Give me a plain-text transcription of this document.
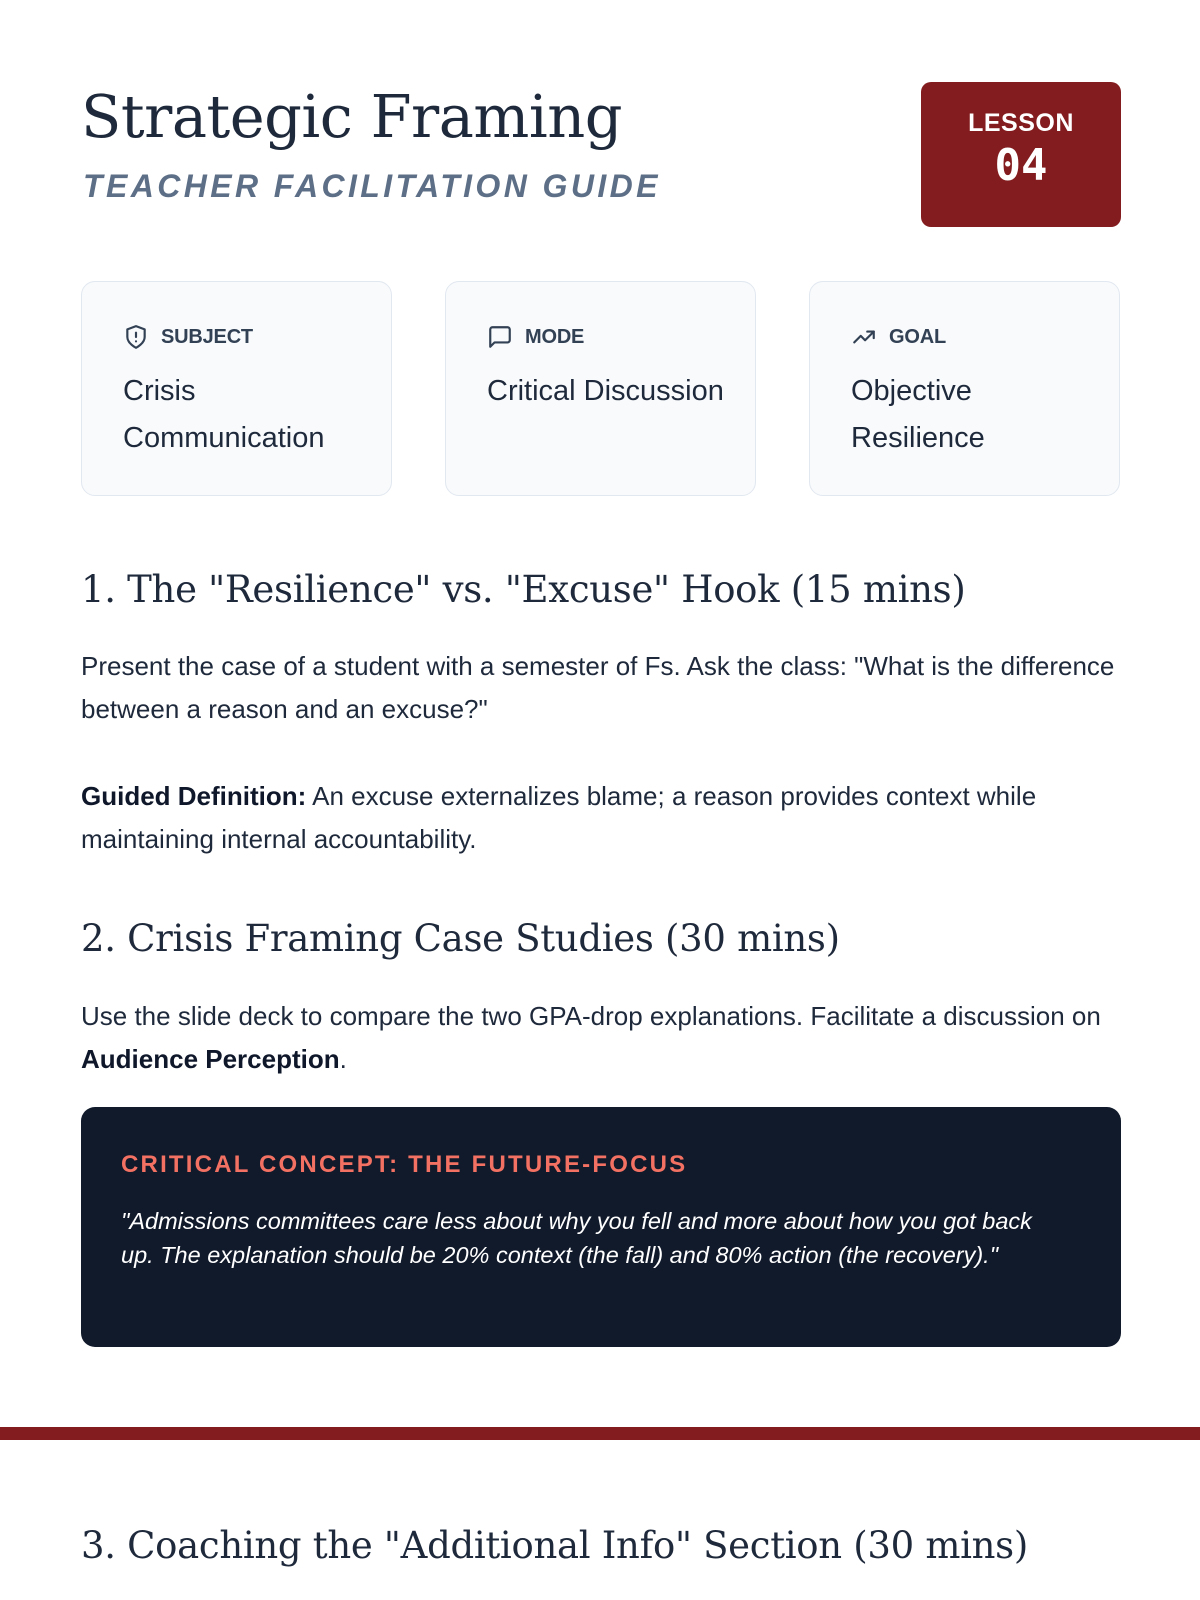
Strategic Framing
TEACHER FACILITATION GUIDE
LESSON
04
SUBJECT
Crisis Communication
MODE
Critical Discussion
GOAL
Objective Resilience
1. The "Resilience" vs. "Excuse" Hook (15 mins)

Present the case of a student with a semester of Fs. Ask the class: "What is the difference between a reason and an excuse?"

Guided Definition: An excuse externalizes blame; a reason provides context while maintaining internal accountability.

2. Crisis Framing Case Studies (30 mins)

Use the slide deck to compare the two GPA-drop explanations. Facilitate a discussion on Audience Perception.

CRITICAL CONCEPT: THE FUTURE-FOCUS
"Admissions committees care less about why you fell and more about how you got back up. The explanation should be 20% context (the fall) and 80% action (the recovery)."
3. Coaching the "Additional Info" Section (30 mins)
